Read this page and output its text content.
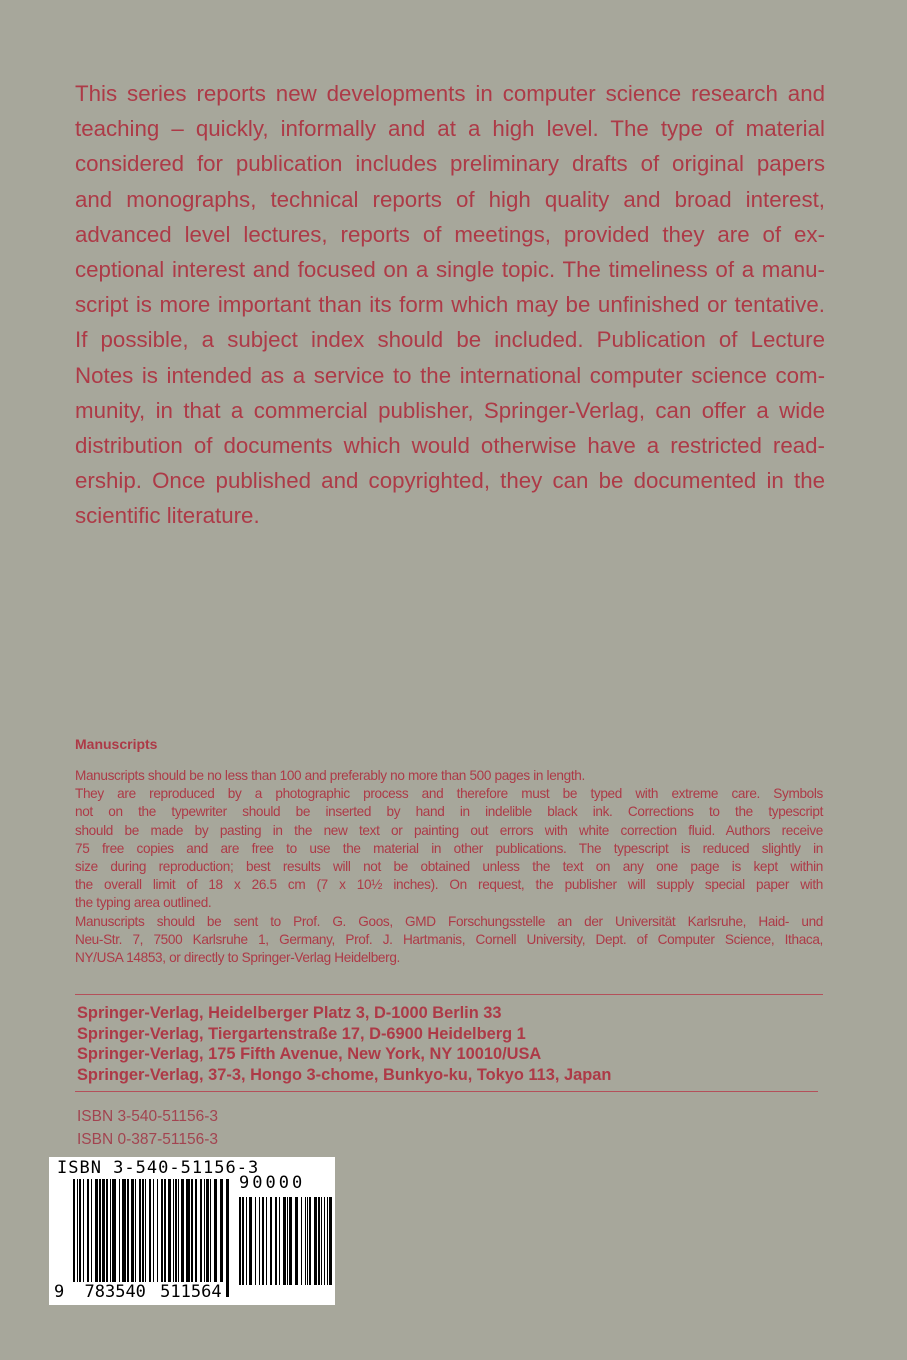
This series reports new developments in computer science research and
teaching – quickly, informally and at a high level. The type of material
considered for publication includes preliminary drafts of original papers
and monographs, technical reports of high quality and broad interest,
advanced level lectures, reports of meetings, provided they are of ex-
ceptional interest and focused on a single topic. The timeliness of a manu-
script is more important than its form which may be unfinished or tentative.
If possible, a subject index should be included. Publication of Lecture
Notes is intended as a service to the international computer science com-
munity, in that a commercial publisher, Springer-Verlag, can offer a wide
distribution of documents which would otherwise have a restricted read-
ership. Once published and copyrighted, they can be documented in the
scientific literature.
Manuscripts
Manuscripts should be no less than 100 and preferably no more than 500 pages in length.
They are reproduced by a photographic process and therefore must be typed with extreme care. Symbols
not on the typewriter should be inserted by hand in indelible black ink. Corrections to the typescript
should be made by pasting in the new text or painting out errors with white correction fluid. Authors receive
75 free copies and are free to use the material in other publications. The typescript is reduced slightly in
size during reproduction; best results will not be obtained unless the text on any one page is kept within
the overall limit of 18 x 26.5 cm (7 x 10½ inches). On request, the publisher will supply special paper with
the typing area outlined.
Manuscripts should be sent to Prof. G. Goos, GMD Forschungsstelle an der Universität Karlsruhe, Haid- und
Neu-Str. 7, 7500 Karlsruhe 1, Germany, Prof. J. Hartmanis, Cornell University, Dept. of Computer Science, Ithaca,
NY/USA 14853, or directly to Springer-Verlag Heidelberg.
Springer-Verlag, Heidelberger Platz 3, D-1000 Berlin 33
Springer-Verlag, Tiergartenstraße 17, D-6900 Heidelberg 1
Springer-Verlag, 175 Fifth Avenue, New York, NY 10010/USA
Springer-Verlag, 37-3, Hongo 3-chome, Bunkyo-ku, Tokyo 113, Japan
ISBN 3-540-51156-3
ISBN 0-387-51156-3
ISBN 3-540-51156-3
90000
9 783540 511564
